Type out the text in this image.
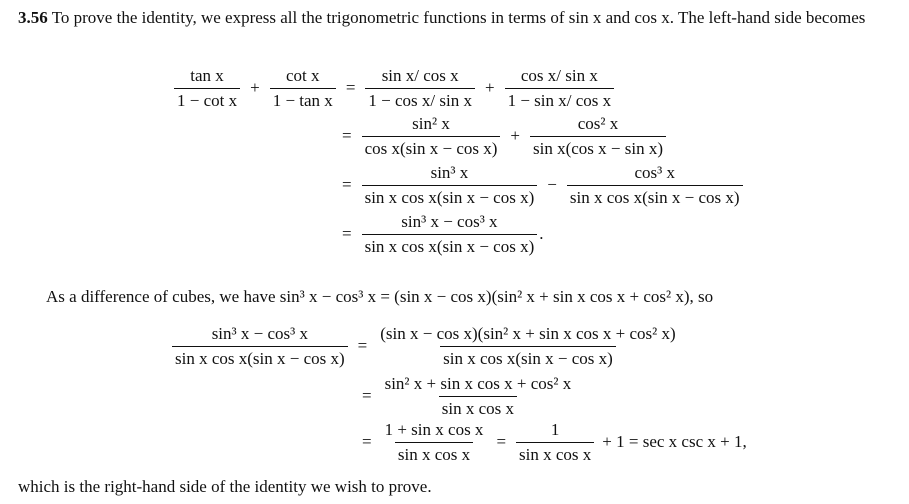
3.56 To prove the identity, we express all the trigonometric functions in terms of sin x and cos x. The left-hand side becomes
$\frac{\text{tan x}}{\text{1 − cot x}} + \frac{\text{cot x}}{\text{1 − tan x}} = \frac{\text{sin x/ cos x}}{\text{1 − cos x/ sin x}} + \frac{\text{cos x/ sin x}}{\text{1 − sin x/ cos x}}$
= $\frac{\text{sin² x}}{\text{cos x(sin x − cos x)}} + \frac{\text{cos² x}}{\text{sin x(cos x − sin x)}}$
= $\frac{\text{sin³ x}}{\text{sin x cos x(sin x − cos x)}} - \frac{\text{cos³ x}}{\text{sin x cos x(sin x − cos x)}}$
= $\frac{\text{sin³ x − cos³ x}}{\text{sin x cos x(sin x − cos x)}}$ .
As a difference of cubes, we have sin³ x − cos³ x = (sin x − cos x)(sin² x + sin x cos x + cos² x), so
$\frac{\text{sin³ x − cos³ x}}{\text{sin x cos x(sin x − cos x)}} = \frac{\text{(sin x − cos x)(sin² x + sin x cos x + cos² x)}}{\text{sin x cos x(sin x − cos x)}}$
= $\frac{\text{sin² x + sin x cos x + cos² x}}{\text{sin x cos x}}$
= $\frac{\text{1 + sin x cos x}}{\text{sin x cos x}} = \frac{1}{\text{sin x cos x}} + 1 = \sec x$ csc x + 1,
which is the right-hand side of the identity we wish to prove.
